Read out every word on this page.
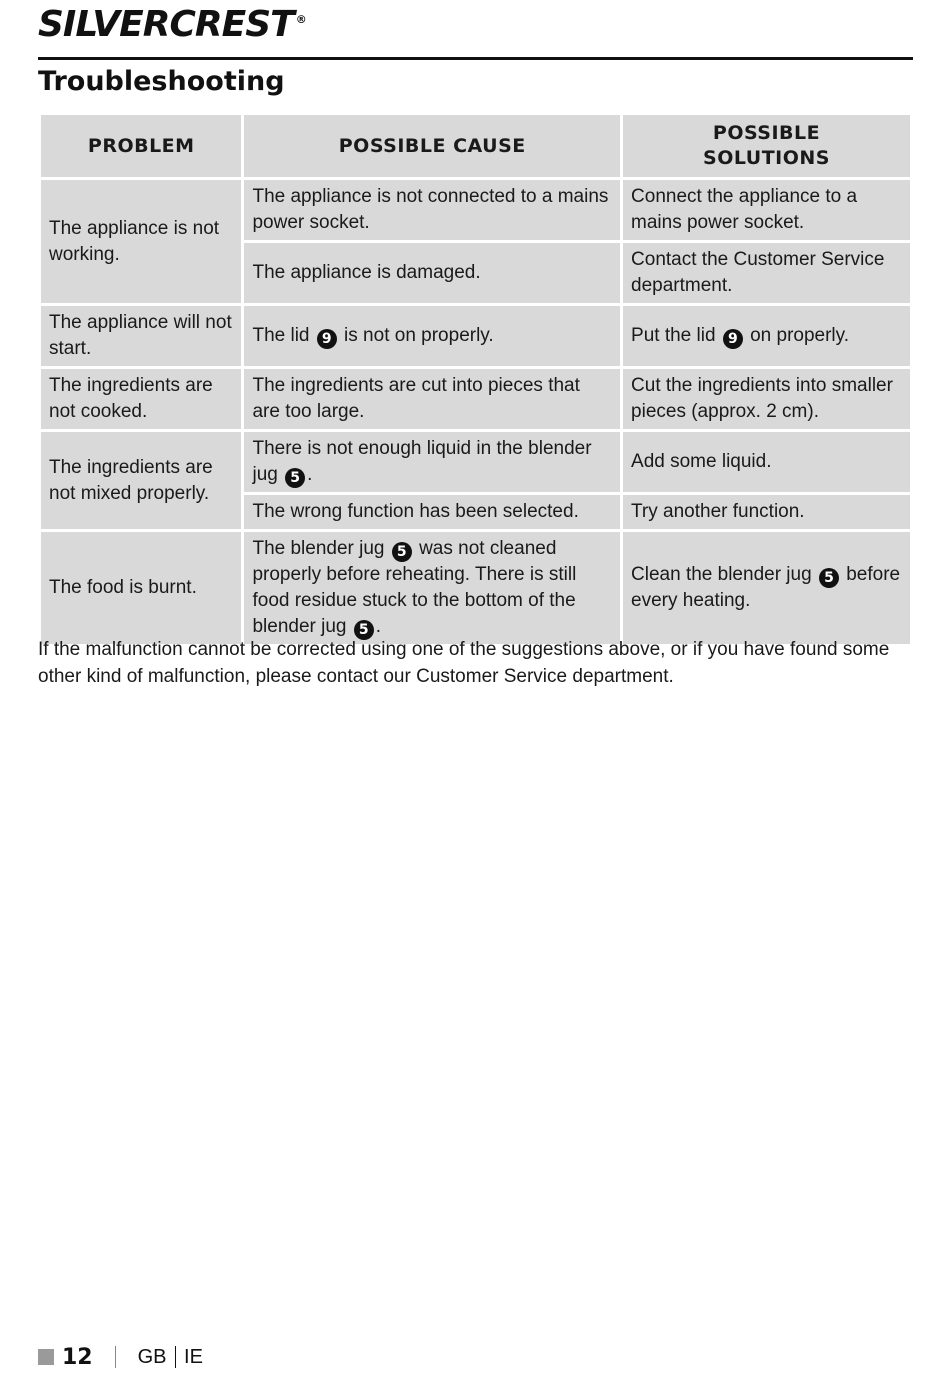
SILVERCREST ®
Troubleshooting
PROBLEM	POSSIBLE CAUSE	POSSIBLE SOLUTIONS
The appliance is not working.	The appliance is not connected to a mains power socket.	Connect the appliance to a mains power socket.
	The appliance is damaged.	Contact the Customer Service department.
The appliance will not start.	The lid 9 is not on properly.	Put the lid 9 on properly.
The ingredients are not cooked.	The ingredients are cut into pieces that are too large.	Cut the ingredients into smaller pieces (approx. 2 cm).
The ingredients are not mixed properly.	There is not enough liquid in the blender jug 5 .	Add some liquid.
	The wrong function has been selected.	Try another function.
The food is burnt.	The blender jug 5 was not cleaned properly before reheating. There is still food residue stuck to the bottom of the blender jug 5 .	Clean the blender jug 5 before every heating.
If the malfunction cannot be corrected using one of the suggestions above, or if you have found some other kind of malfunction, please contact our Customer Service department.
12 GB IE
